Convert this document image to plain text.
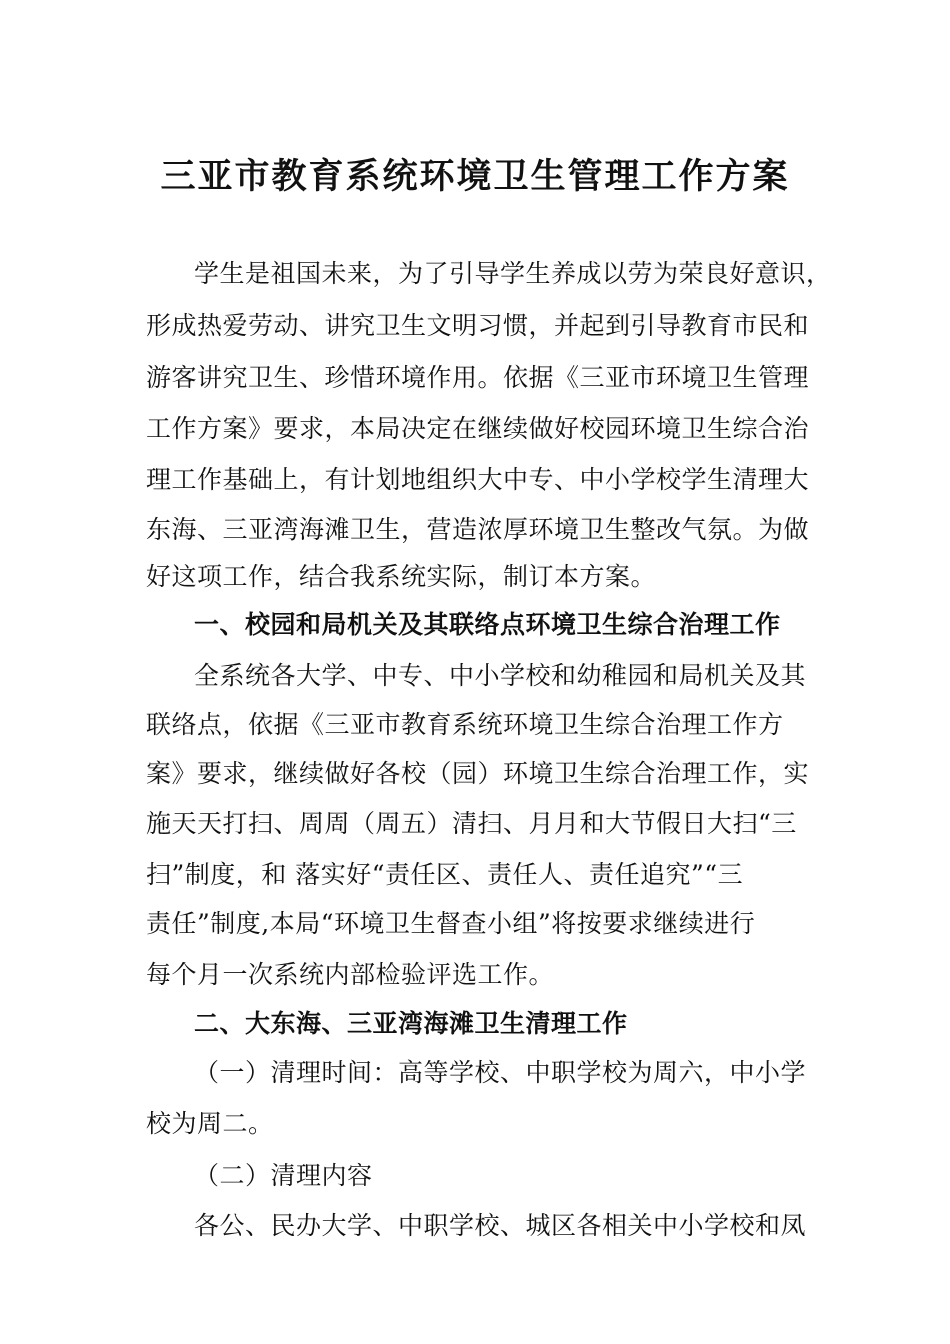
三亚市教育系统环境卫生管理工作方案
学生是祖国未来，为了引导学生养成以劳为荣良好意识，
形成热爱劳动、讲究卫生文明习惯，并起到引导教育市民和
游客讲究卫生、珍惜环境作用。依据《三亚市环境卫生管理
工作方案》要求，本局决定在继续做好校园环境卫生综合治
理工作基础上，有计划地组织大中专、中小学校学生清理大
东海、三亚湾海滩卫生，营造浓厚环境卫生整改气氛。为做
好这项工作，结合我系统实际，制订本方案。
一、校园和局机关及其联络点环境卫生综合治理工作
全系统各大学、中专、中小学校和幼稚园和局机关及其
联络点，依据《三亚市教育系统环境卫生综合治理工作方
案》要求，继续做好各校（园）环境卫生综合治理工作，实
施天天打扫、周周（周五）清扫、月月和大节假日大扫“三
扫”制度，和 落实好“责任区、责任人、责任追究”“三
责任”制度,本局“环境卫生督查小组”将按要求继续进行
每个月一次系统内部检验评选工作。
二、大东海、三亚湾海滩卫生清理工作
（一）清理时间：高等学校、中职学校为周六，中小学
校为周二。
（二）清理内容
各公、民办大学、中职学校、城区各相关中小学校和凤
